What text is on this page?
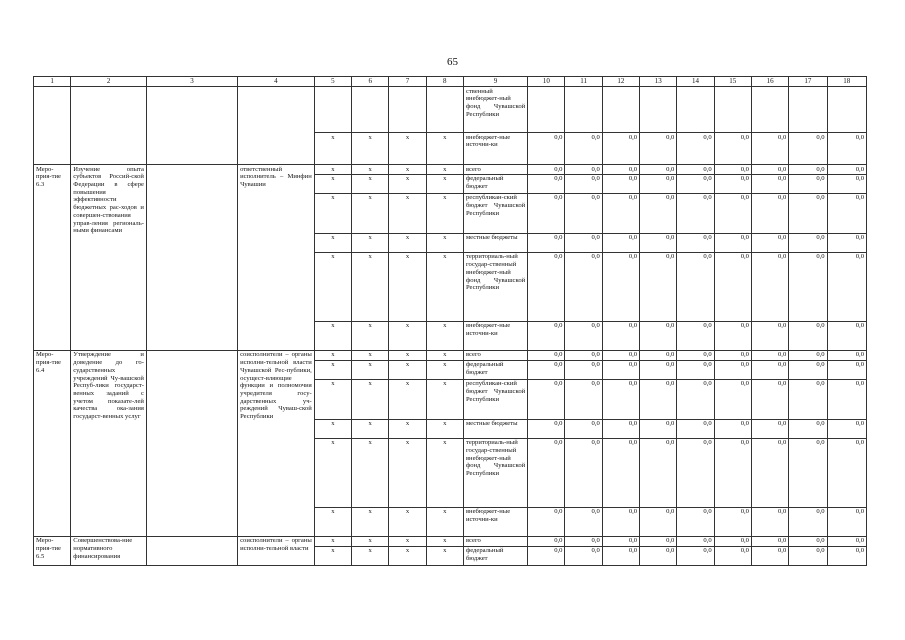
65
1	2	3	4	5	6	7	8	9	10	11	12	13	14	15	16	17	18
								ственный внебюджет-ный фонд Чувашской Республики									
				x	x	x	x	внебюджет-ные источни-ки	0,0	0,0	0,0	0,0	0,0	0,0	0,0	0,0	0,0
Меро-прия-тие 6.3	Изучение опыта субъектов Россий-ской Федерации в сфере повышения эффективности бюджетных рас-ходов и совершен-ствования управ-ления региональ-ными финансами		ответственный исполнитель – Минфин Чувашии	x	x	x	x	всего	0,0	0,0	0,0	0,0	0,0	0,0	0,0	0,0	0,0
				x	x	x	x	федеральный бюджет	0,0	0,0	0,0	0,0	0,0	0,0	0,0	0,0	0,0
				x	x	x	x	республикан-ский бюджет Чувашской Республики	0,0	0,0	0,0	0,0	0,0	0,0	0,0	0,0	0,0
				x	x	x	x	местные бюджеты	0,0	0,0	0,0	0,0	0,0	0,0	0,0	0,0	0,0
				x	x	x	x	территориаль-ный государ-ственный внебюджет-ный фонд Чувашской Республики	0,0	0,0	0,0	0,0	0,0	0,0	0,0	0,0	0,0
				x	x	x	x	внебюджет-ные источни-ки	0,0	0,0	0,0	0,0	0,0	0,0	0,0	0,0	0,0
Меро-прия-тие 6.4	Утверждение и доведение до го-сударственных учреждений Чу-вашской Респуб-лики государст-венных заданий с учетом показате-лей качества ока-зания государст-венных услуг		соисполнители – органы исполни-тельной власти Чувашской Рес-публики, осущест-вляющие функции и полномочия учредителя госу-дарственных уч-реждений Чуваш-ской Республики	x	x	x	x	всего	0,0	0,0	0,0	0,0	0,0	0,0	0,0	0,0	0,0
				x	x	x	x	федеральный бюджет	0,0	0,0	0,0	0,0	0,0	0,0	0,0	0,0	0,0
				x	x	x	x	республикан-ский бюджет Чувашской Республики	0,0	0,0	0,0	0,0	0,0	0,0	0,0	0,0	0,0
				x	x	x	x	местные бюджеты	0,0	0,0	0,0	0,0	0,0	0,0	0,0	0,0	0,0
				x	x	x	x	территориаль-ный государ-ственный внебюджет-ный фонд Чувашской Республики	0,0	0,0	0,0	0,0	0,0	0,0	0,0	0,0	0,0
				x	x	x	x	внебюджет-ные источни-ки	0,0	0,0	0,0	0,0	0,0	0,0	0,0	0,0	0,0
Меро-прия-тие 6.5	Совершенствова-ние нормативного финансирования		соисполнители – органы исполни-тельной власти	x	x	x	x	всего	0,0	0,0	0,0	0,0	0,0	0,0	0,0	0,0	0,0
				x	x	x	x	федеральный бюджет	0,0	0,0	0,0	0,0	0,0	0,0	0,0	0,0	0,0
